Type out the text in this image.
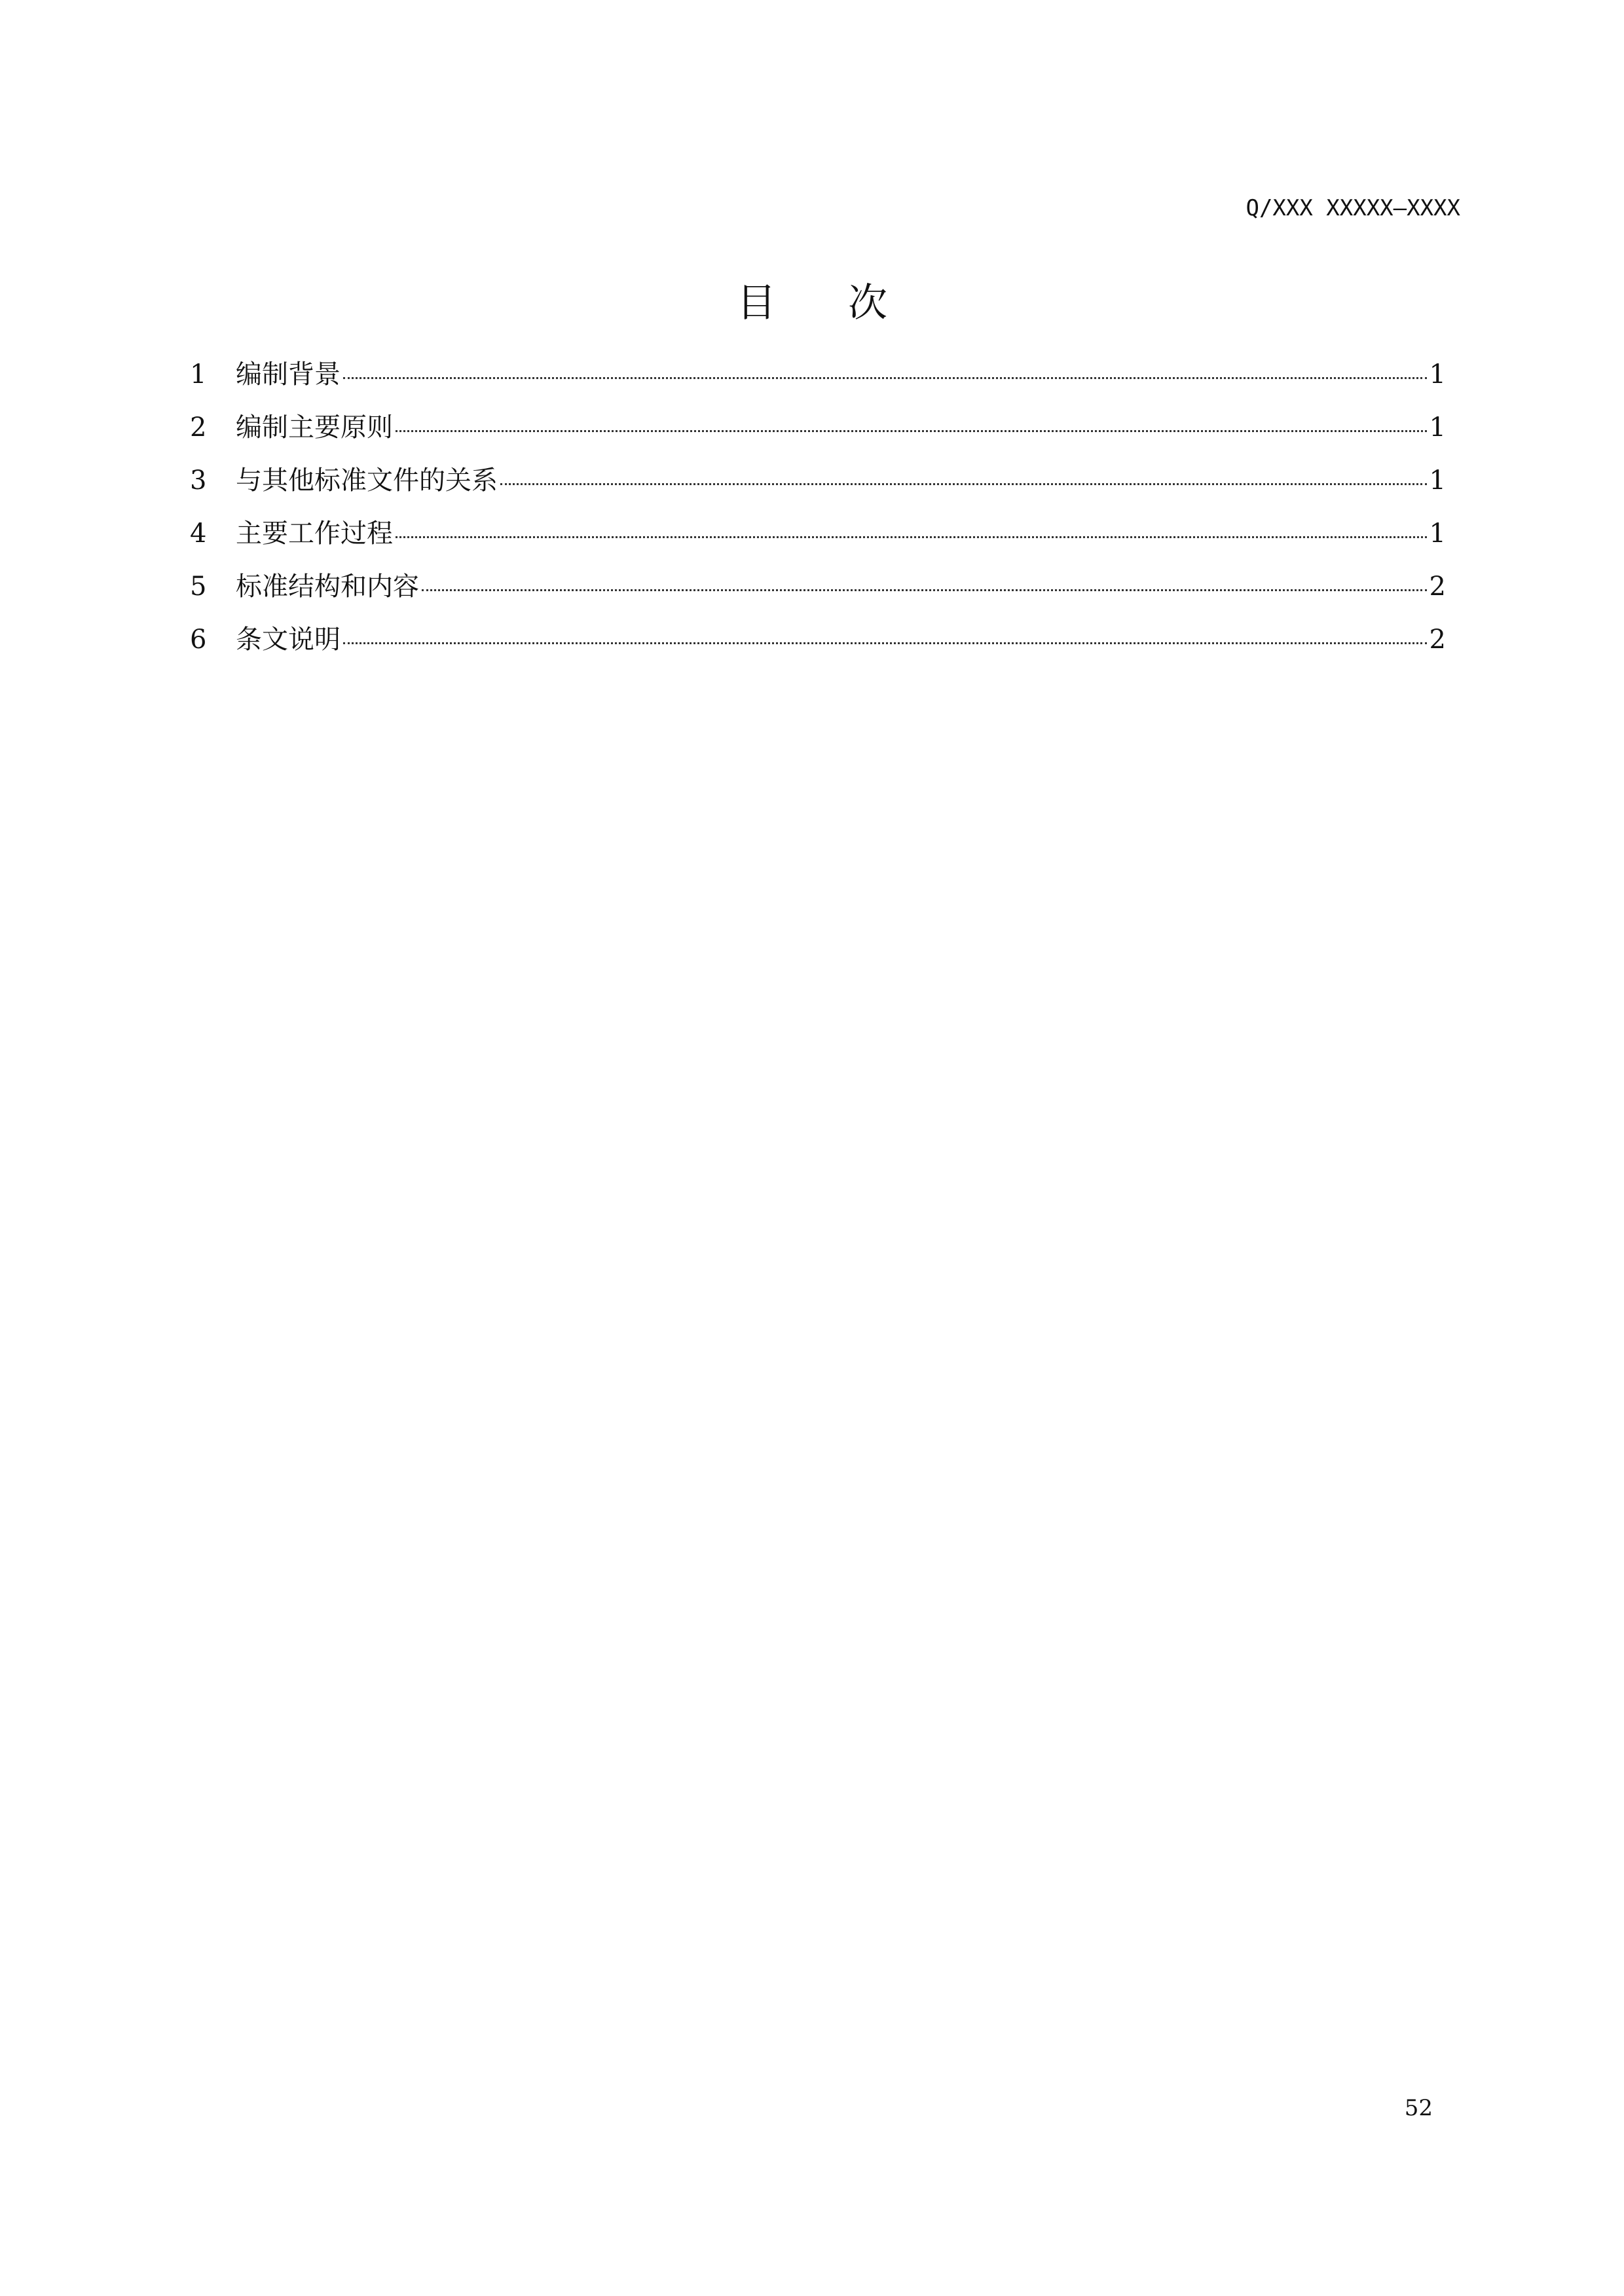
Q/XXX XXXXX—XXXX
目次
1	编制背景	1
2	编制主要原则	1
3	与其他标准文件的关系	1
4	主要工作过程	1
5	标准结构和内容	2
6	条文说明	2
52
